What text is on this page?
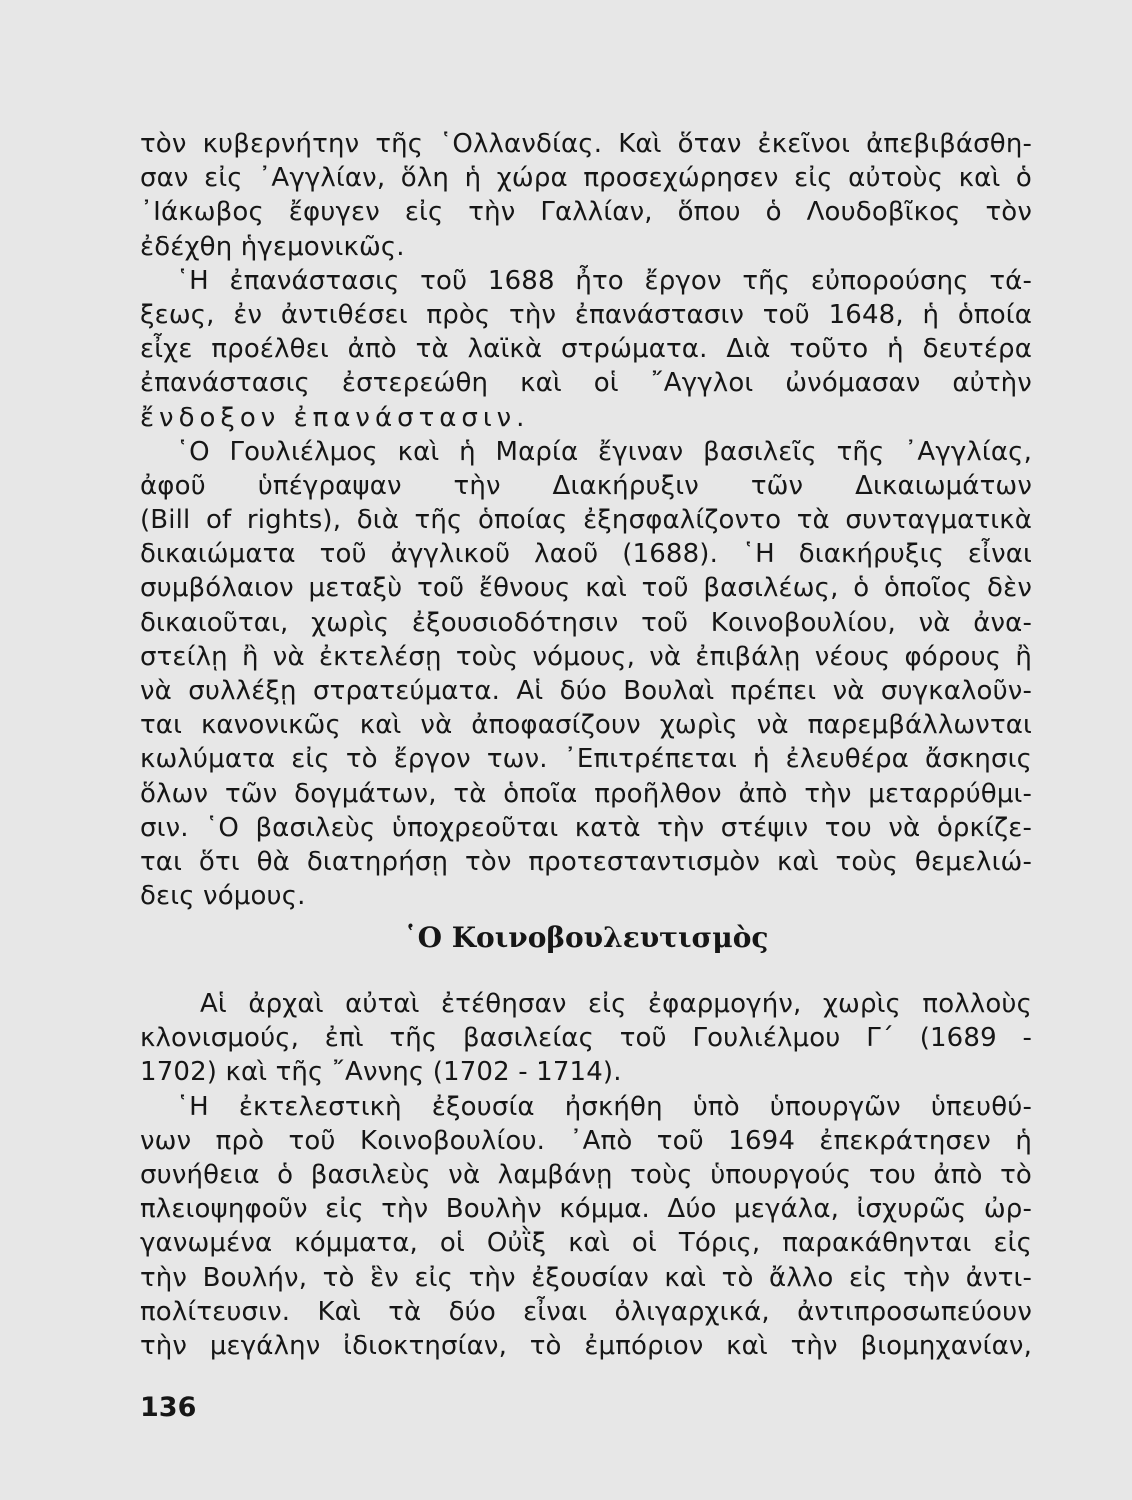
τὸν κυβερνήτην τῆς ῾Ολλανδίας. Καὶ ὅταν ἐκεῖνοι ἀπεβιβάσθη-
σαν εἰς ᾿Αγγλίαν, ὅλη ἡ χώρα προσεχώρησεν εἰς αὐτοὺς καὶ ὁ
᾿Ιάκωβος ἔφυγεν εἰς τὴν Γαλλίαν, ὅπου ὁ Λουδοβῖκος τὸν
ἐδέχθη ἡγεμονικῶς.
῾Η ἐπανάστασις τοῦ 1688 ἦτο ἔργον τῆς εὐπορούσης τά-
ξεως, ἐν ἀντιθέσει πρὸς τὴν ἐπανάστασιν τοῦ 1648, ἡ ὁποία
εἶχε προέλθει ἀπὸ τὰ λαϊκὰ στρώματα. Διὰ τοῦτο ἡ δευτέρα
ἐπανάστασις ἐστερεώθη καὶ οἱ ῎Αγγλοι ὠνόμασαν αὐτὴν
ἔνδοξον ἐπανάστασιν.
῾Ο Γουλιέλμος καὶ ἡ Μαρία ἔγιναν βασιλεῖς τῆς ᾿Αγγλίας,
ἀφοῦ ὑπέγραψαν τὴν Διακήρυξιν τῶν Δικαιωμάτων
(Bill of rights), διὰ τῆς ὁποίας ἐξησφαλίζοντο τὰ συνταγματικὰ
δικαιώματα τοῦ ἀγγλικοῦ λαοῦ (1688). ῾Η διακήρυξις εἶναι
συμβόλαιον μεταξὺ τοῦ ἔθνους καὶ τοῦ βασιλέως, ὁ ὁποῖος δὲν
δικαιοῦται, χωρὶς ἐξουσιοδότησιν τοῦ Κοινοβουλίου, νὰ ἀνα-
στείλῃ ἢ νὰ ἐκτελέσῃ τοὺς νόμους, νὰ ἐπιβάλῃ νέους φόρους ἢ
νὰ συλλέξῃ στρατεύματα. Αἱ δύο Βουλαὶ πρέπει νὰ συγκαλοῦν-
ται κανονικῶς καὶ νὰ ἀποφασίζουν χωρὶς νὰ παρεμβάλλωνται
κωλύματα εἰς τὸ ἔργον των. ᾿Επιτρέπεται ἡ ἐλευθέρα ἄσκησις
ὅλων τῶν δογμάτων, τὰ ὁποῖα προῆλθον ἀπὸ τὴν μεταρρύθμι-
σιν. ῾Ο βασιλεὺς ὑποχρεοῦται κατὰ τὴν στέψιν του νὰ ὁρκίζε-
ται ὅτι θὰ διατηρήσῃ τὸν προτεσταντισμὸν καὶ τοὺς θεμελιώ-
δεις νόμους.
῾Ο Κοινοβουλευτισμὸς
Αἱ ἀρχαὶ αὐταὶ ἐτέθησαν εἰς ἐφαρμογήν, χωρὶς πολλοὺς
κλονισμούς, ἐπὶ τῆς βασιλείας τοῦ Γουλιέλμου Γ΄ (1689 -
1702) καὶ τῆς ῎Αννης (1702 - 1714).
῾Η ἐκτελεστικὴ ἐξουσία ἠσκήθη ὑπὸ ὑπουργῶν ὑπευθύ-
νων πρὸ τοῦ Κοινοβουλίου. ᾿Απὸ τοῦ 1694 ἐπεκράτησεν ἡ
συνήθεια ὁ βασιλεὺς νὰ λαμβάνῃ τοὺς ὑπουργούς του ἀπὸ τὸ
πλειοψηφοῦν εἰς τὴν Βουλὴν κόμμα. Δύο μεγάλα, ἰσχυρῶς ὠρ-
γανωμένα κόμματα, οἱ Οὐῒξ καὶ οἱ Τόρις, παρακάθηνται εἰς
τὴν Βουλήν, τὸ ἓν εἰς τὴν ἐξουσίαν καὶ τὸ ἄλλο εἰς τὴν ἀντι-
πολίτευσιν. Καὶ τὰ δύο εἶναι ὀλιγαρχικά, ἀντιπροσωπεύουν
τὴν μεγάλην ἰδιοκτησίαν, τὸ ἐμπόριον καὶ τὴν βιομηχανίαν,
136
